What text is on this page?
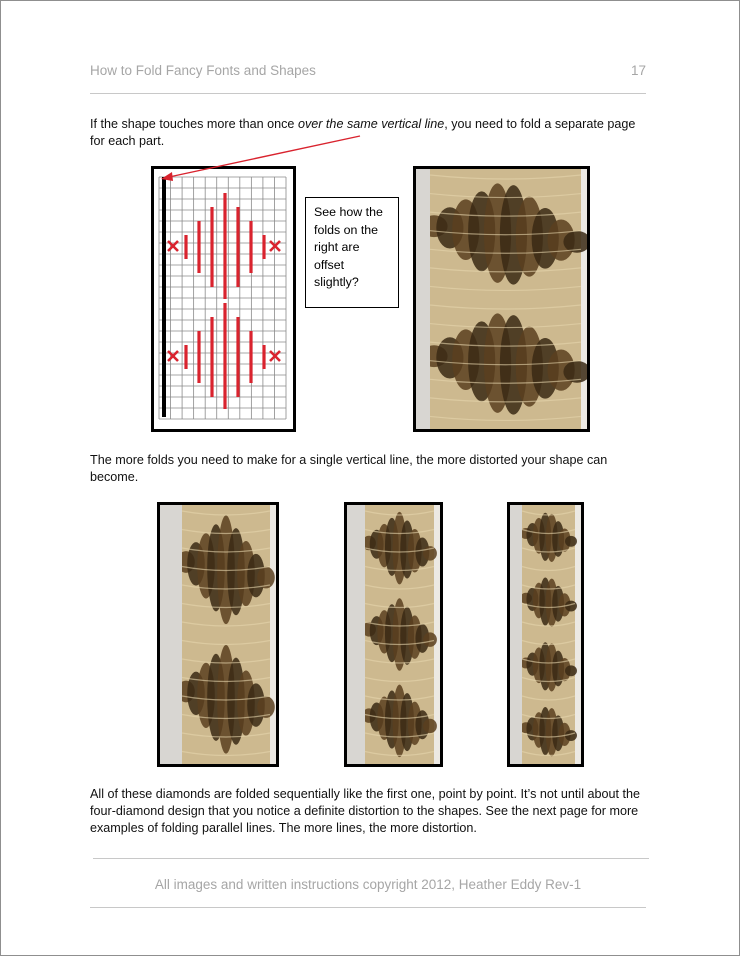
How to Fold Fancy Fonts and Shapes	17
If the shape touches more than once over the same vertical line, you need to fold a separate page for each part.
See how the folds on the right are offset slightly?
The more folds you need to make for a single vertical line, the more distorted your shape can become.
All of these diamonds are folded sequentially like the first one, point by point. It’s not until about the four-diamond design that you notice a definite distortion to the shapes. See the next page for more examples of folding parallel lines. The more lines, the more distortion.
All images and written instructions copyright 2012, Heather Eddy Rev-1
